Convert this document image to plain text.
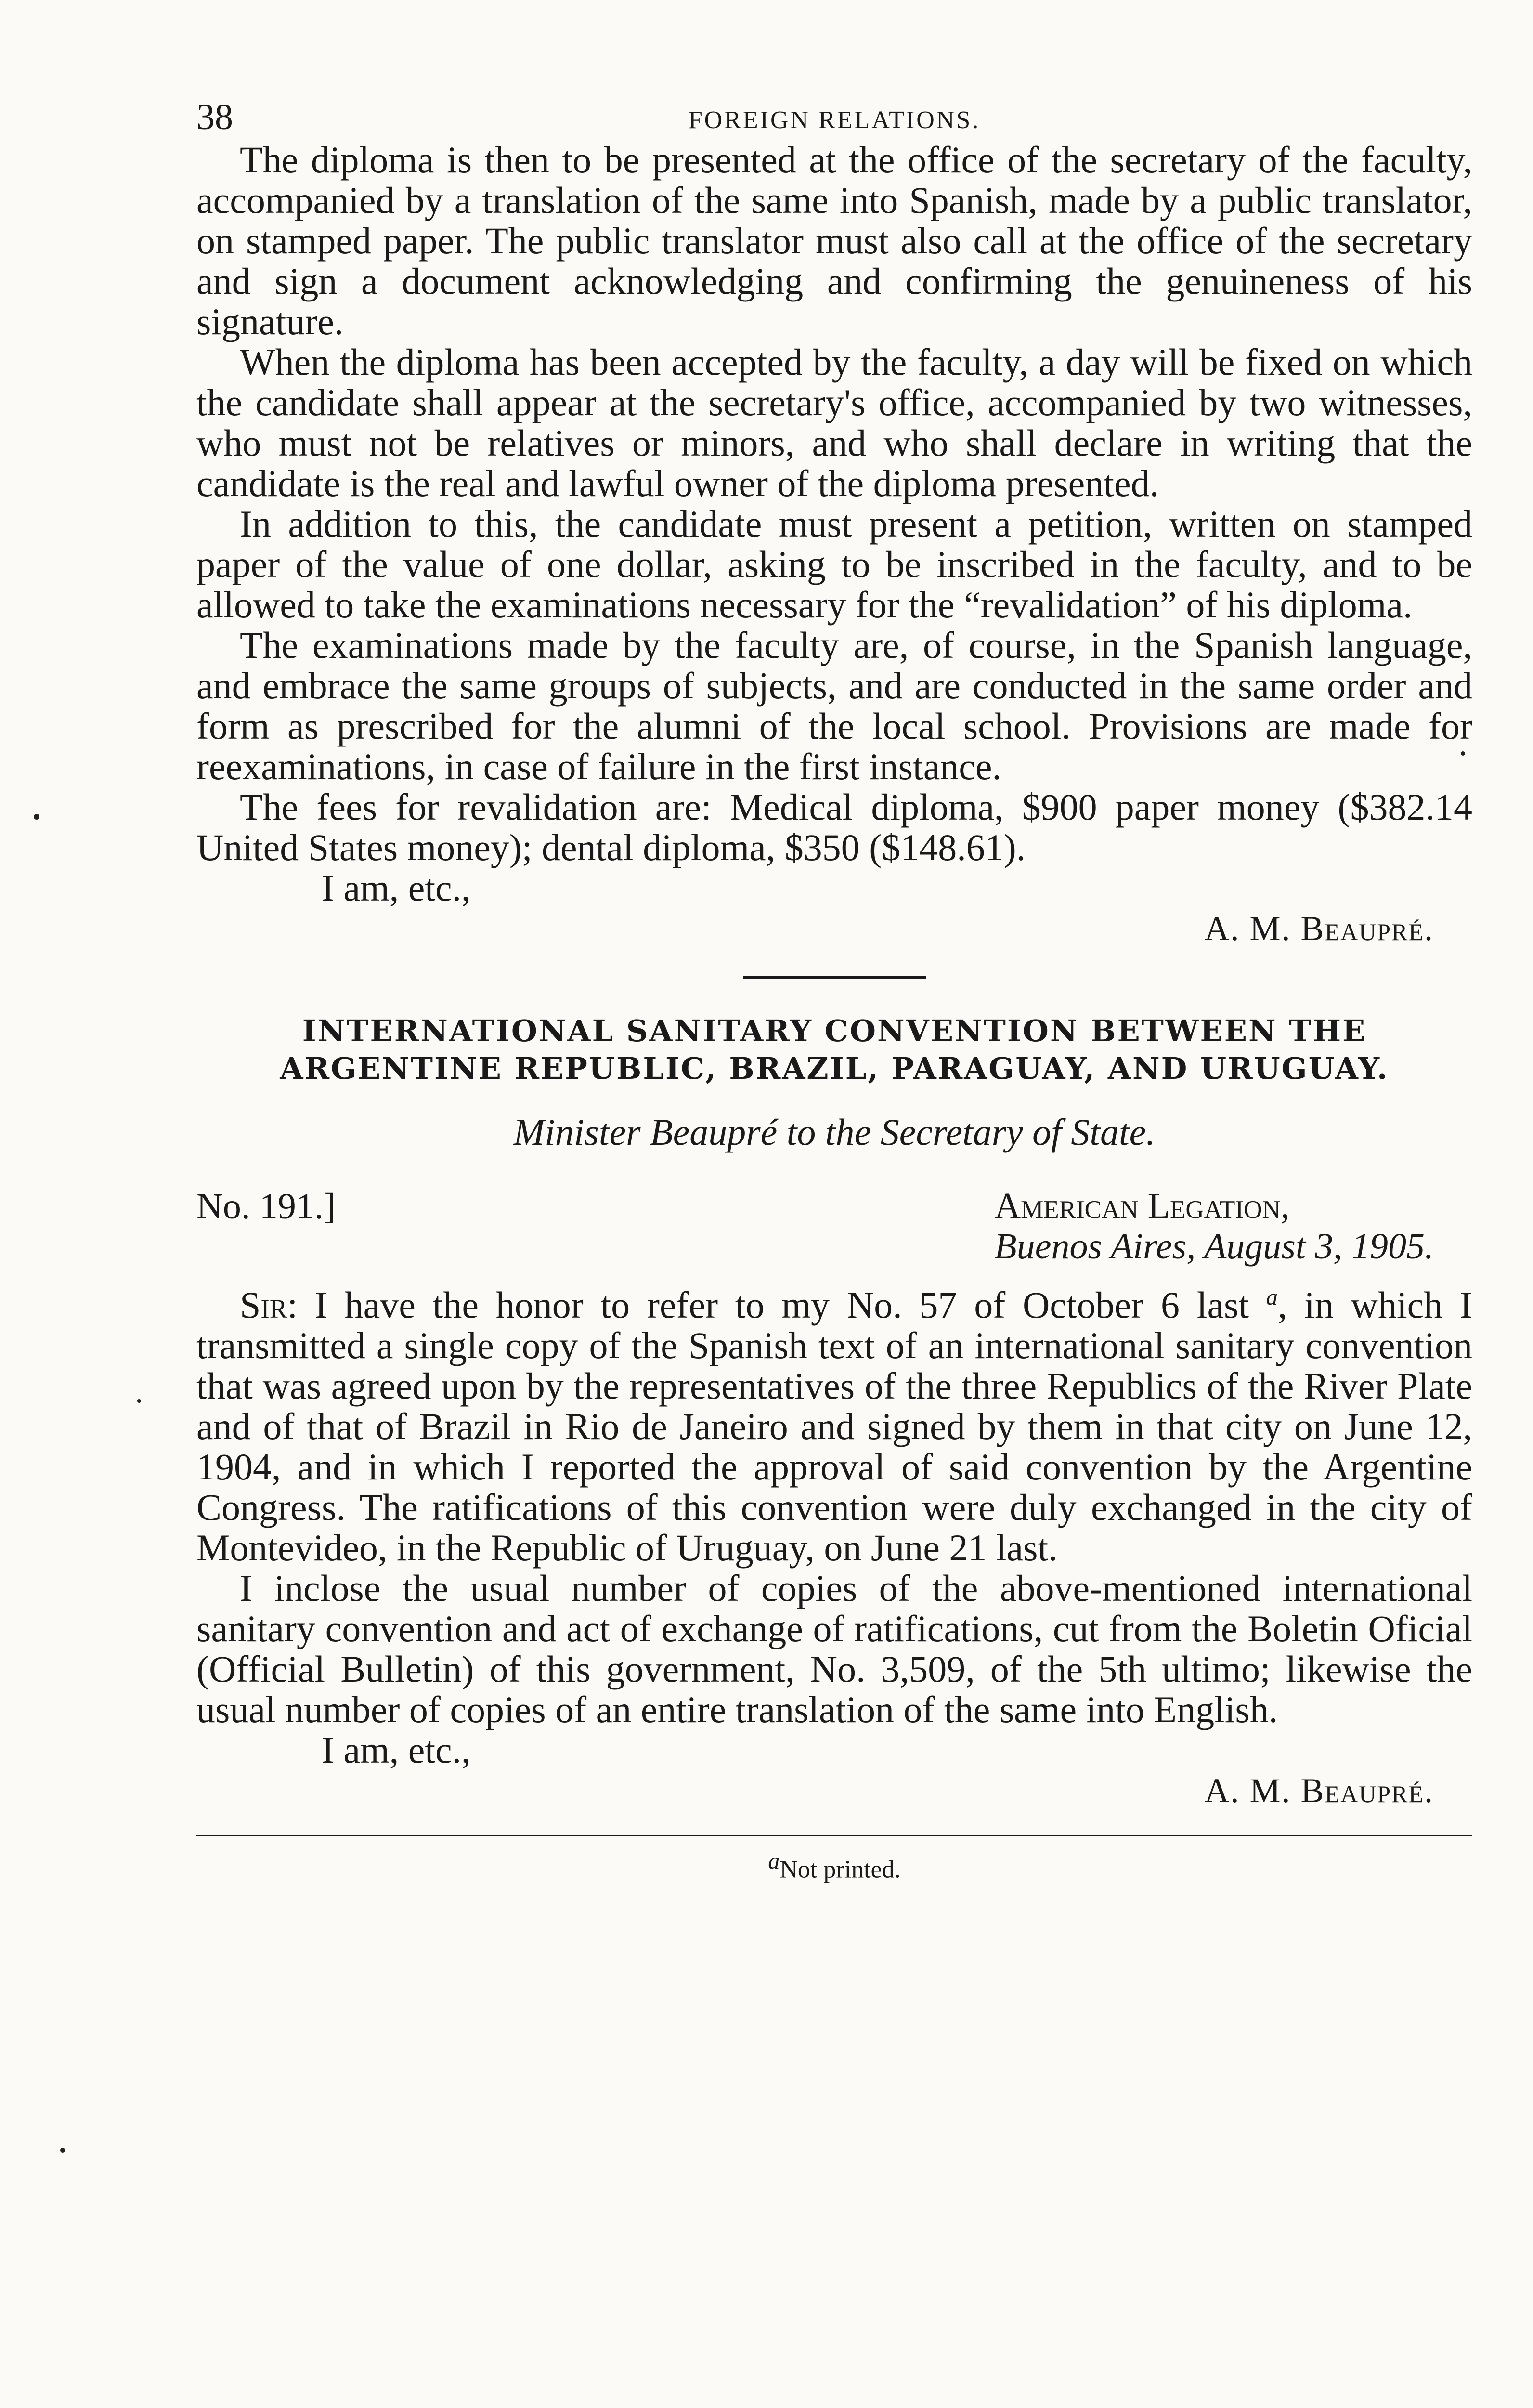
38	FOREIGN RELATIONS.

The diploma is then to be presented at the office of the secretary of the faculty, accompanied by a translation of the same into Spanish, made by a public translator, on stamped paper. The public translator must also call at the office of the secretary and sign a document acknowledging and confirming the genuineness of his signature.

When the diploma has been accepted by the faculty, a day will be fixed on which the candidate shall appear at the secretary's office, accompanied by two witnesses, who must not be relatives or minors, and who shall declare in writing that the candidate is the real and lawful owner of the diploma presented.

In addition to this, the candidate must present a petition, written on stamped paper of the value of one dollar, asking to be inscribed in the faculty, and to be allowed to take the examinations necessary for the “revalidation” of his diploma.

The examinations made by the faculty are, of course, in the Spanish language, and embrace the same groups of subjects, and are conducted in the same order and form as prescribed for the alumni of the local school. Provisions are made for reexaminations, in case of failure in the first instance.

The fees for revalidation are: Medical diploma, $900 paper money ($382.14 United States money); dental diploma, $350 ($148.61).

I am, etc.,

A. M. Beaupré.

INTERNATIONAL SANITARY CONVENTION BETWEEN THE
ARGENTINE REPUBLIC, BRAZIL, PARAGUAY, AND URUGUAY.
Minister Beaupré to the Secretary of State.
No. 191.]	American Legation,
Buenos Aires, August 3, 1905.

Sir: I have the honor to refer to my No. 57 of October 6 last $^a$, in which I transmitted a single copy of the Spanish text of an international sanitary convention that was agreed upon by the representatives of the three Republics of the River Plate and of that of Brazil in Rio de Janeiro and signed by them in that city on June 12, 1904, and in which I reported the approval of said convention by the Argentine Congress. The ratifications of this convention were duly exchanged in the city of Montevideo, in the Republic of Uruguay, on June 21 last.

I inclose the usual number of copies of the above-mentioned international sanitary convention and act of exchange of ratifications, cut from the Boletin Oficial (Official Bulletin) of this government, No. 3,509, of the 5th ultimo; likewise the usual number of copies of an entire translation of the same into English.

I am, etc.,

A. M. Beaupré.

$^a$Not printed.
